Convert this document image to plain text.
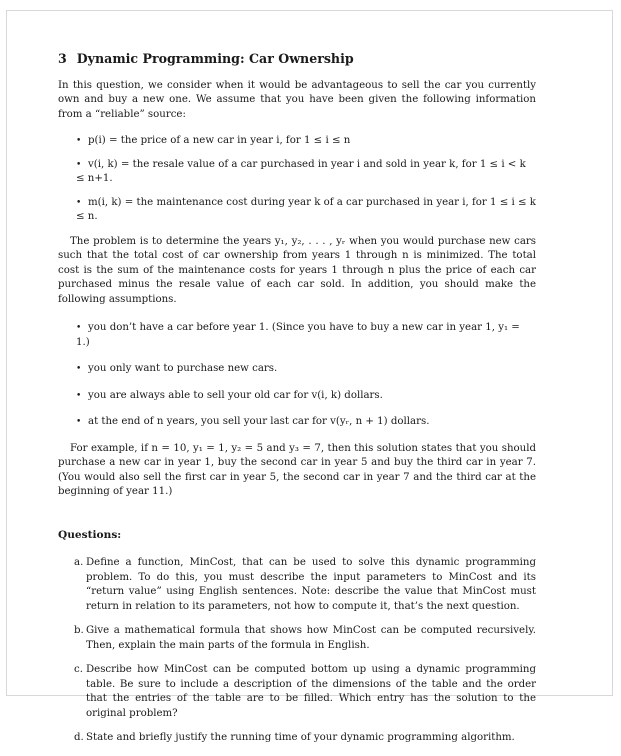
3 Dynamic Programming: Car Ownership

In this question, we consider when it would be advantageous to sell the car you currently own and buy a new one. We assume that you have been given the following information from a “reliable” source:

• p(i) = the price of a new car in year i, for 1 ≤ i ≤ n
• v(i, k) = the resale value of a car purchased in year i and sold in year k, for 1 ≤ i < k ≤ n+1.
• m(i, k) = the maintenance cost during year k of a car purchased in year i, for 1 ≤ i ≤ k ≤ n.

The problem is to determine the years y₁, y₂, . . . , yᵣ when you would purchase new cars such that the total cost of car ownership from years 1 through n is minimized. The total cost is the sum of the maintenance costs for years 1 through n plus the price of each car purchased minus the resale value of each car sold. In addition, you should make the following assumptions.

• you don’t have a car before year 1. (Since you have to buy a new car in year 1, y₁ = 1.)
• you only want to purchase new cars.
• you are always able to sell your old car for v(i, k) dollars.
• at the end of n years, you sell your last car for v(yᵣ, n + 1) dollars.

For example, if n = 10, y₁ = 1, y₂ = 5 and y₃ = 7, then this solution states that you should purchase a new car in year 1, buy the second car in year 5 and buy the third car in year 7. (You would also sell the first car in year 5, the second car in year 7 and the third car at the beginning of year 11.)

Questions:
a. Define a function, MinCost, that can be used to solve this dynamic programming problem. To do this, you must describe the input parameters to MinCost and its “return value” using English sentences. Note: describe the value that MinCost must return in relation to its parameters, not how to compute it, that’s the next question.
b. Give a mathematical formula that shows how MinCost can be computed recursively. Then, explain the main parts of the formula in English.
c. Describe how MinCost can be computed bottom up using a dynamic programming table. Be sure to include a description of the dimensions of the table and the order that the entries of the table are to be filled. Which entry has the solution to the original problem?
d. State and briefly justify the running time of your dynamic programming algorithm.
